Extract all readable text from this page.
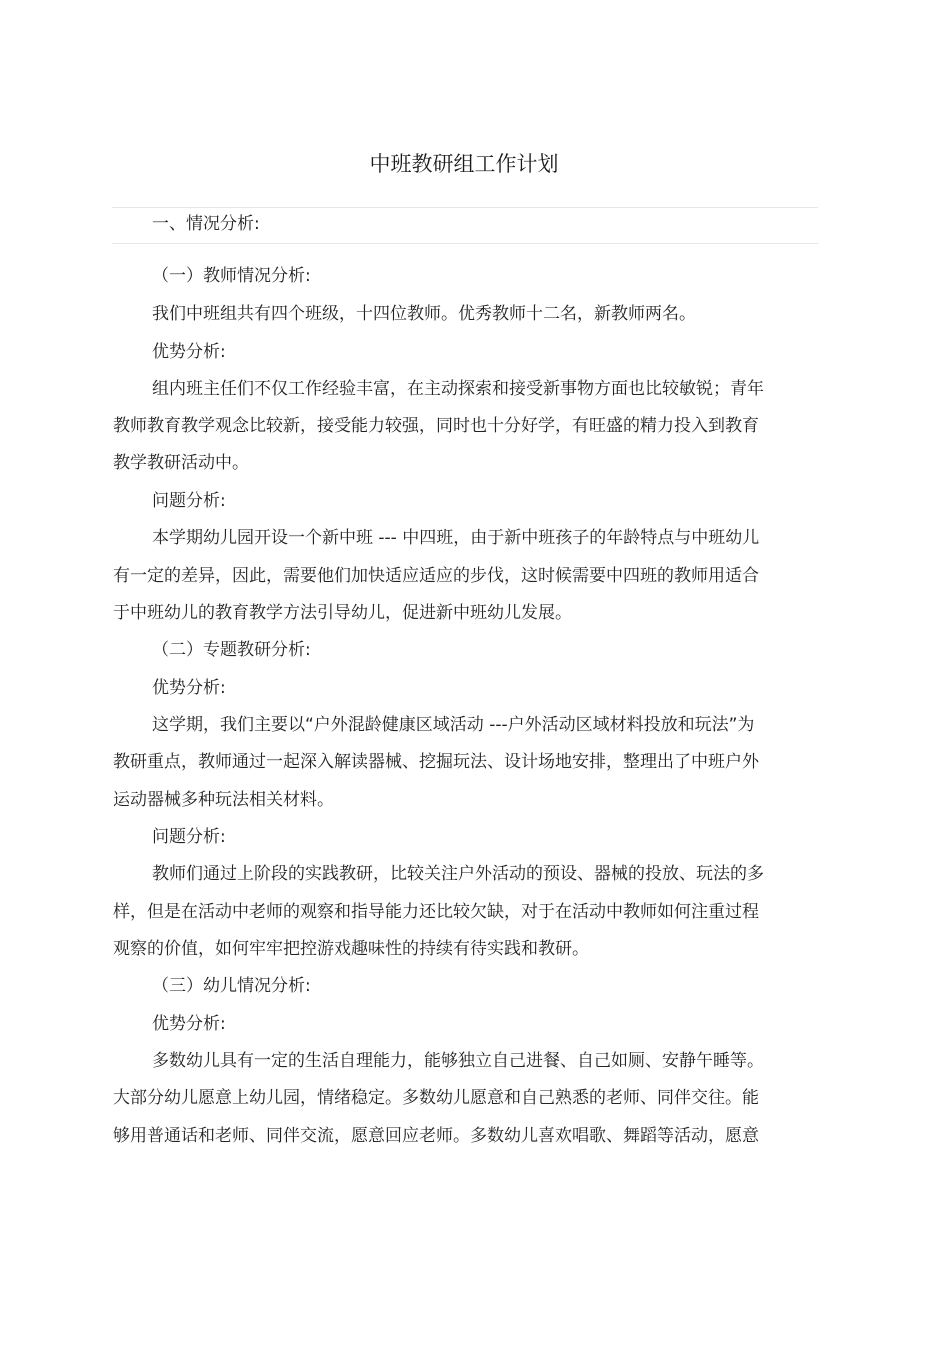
中班教研组工作计划
一、情况分析:
（一）教师情况分析:
我们中班组共有四个班级，十四位教师。优秀教师十二名，新教师两名。
优势分析:
组内班主任们不仅工作经验丰富，在主动探索和接受新事物方面也比较敏锐；青年
教师教育教学观念比较新，接受能力较强，同时也十分好学，有旺盛的精力投入到教育
教学教研活动中。
问题分析:
本学期幼儿园开设一个新中班 --- 中四班，由于新中班孩子的年龄特点与中班幼儿
有一定的差异，因此，需要他们加快适应适应的步伐，这时候需要中四班的教师用适合
于中班幼儿的教育教学方法引导幼儿，促进新中班幼儿发展。
（二）专题教研分析:
优势分析:
这学期，我们主要以“户外混龄健康区域活动 ---户外活动区域材料投放和玩法”为
教研重点，教师通过一起深入解读器械、挖掘玩法、设计场地安排，整理出了中班户外
运动器械多种玩法相关材料。
问题分析:
教师们通过上阶段的实践教研，比较关注户外活动的预设、器械的投放、玩法的多
样，但是在活动中老师的观察和指导能力还比较欠缺，对于在活动中教师如何注重过程
观察的价值，如何牢牢把控游戏趣味性的持续有待实践和教研。
（三）幼儿情况分析:
优势分析:
多数幼儿具有一定的生活自理能力，能够独立自己进餐、自己如厕、安静午睡等。
大部分幼儿愿意上幼儿园，情绪稳定。多数幼儿愿意和自己熟悉的老师、同伴交往。能
够用普通话和老师、同伴交流，愿意回应老师。多数幼儿喜欢唱歌、舞蹈等活动，愿意
